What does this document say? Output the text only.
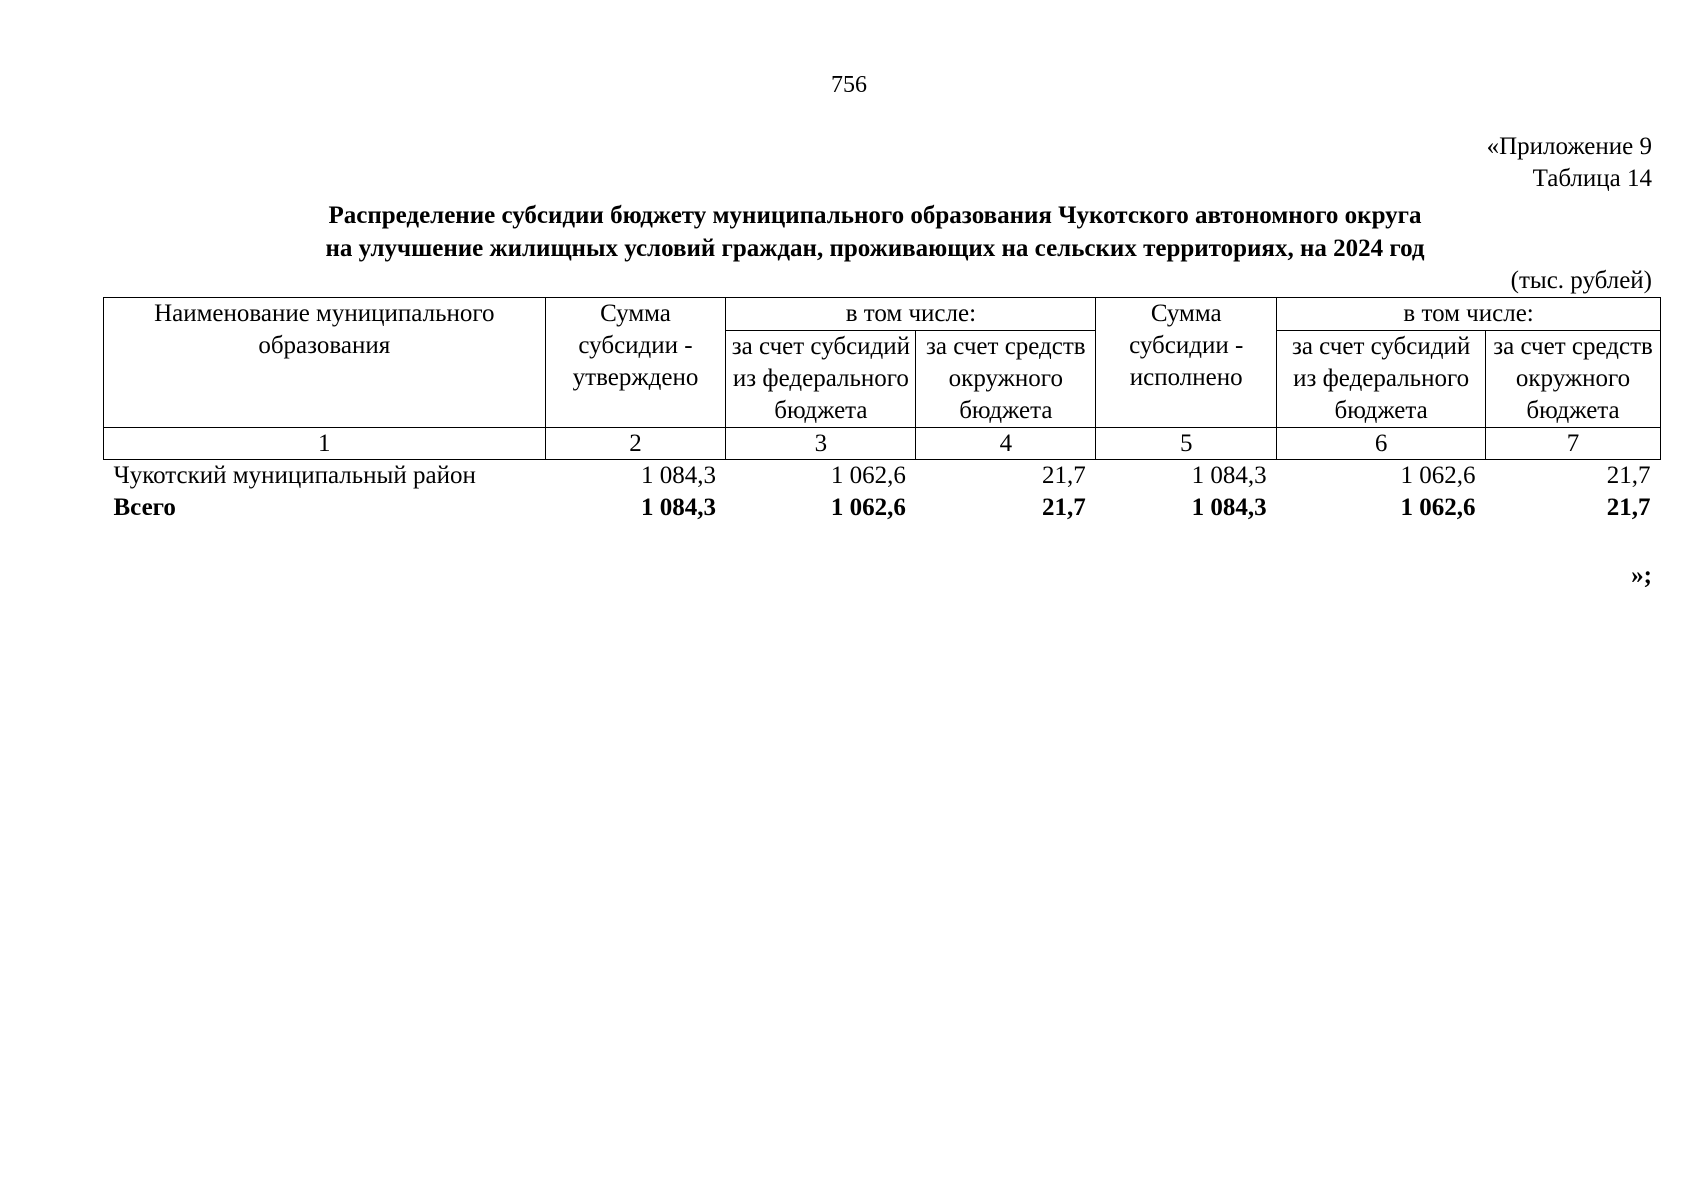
756
«Приложение 9
Таблица 14
Распределение субсидии бюджету муниципального образования Чукотского автономного округа
на улучшение жилищных условий граждан, проживающих на сельских территориях, на 2024 год
(тыс. рублей)
Наименование муниципального образования	Сумма субсидии - утверждено	в том числе:		Сумма субсидии - исполнено	в том числе:	
		за счет субсидий из федерального бюджета	за счет средств окружного бюджета		за счет субсидий из федерального бюджета	за счет средств окружного бюджета
1	2	3	4	5	6	7
Чукотский муниципальный район	1 084,3	1 062,6	21,7	1 084,3	1 062,6	21,7
Всего	1 084,3	1 062,6	21,7	1 084,3	1 062,6	21,7
»;
